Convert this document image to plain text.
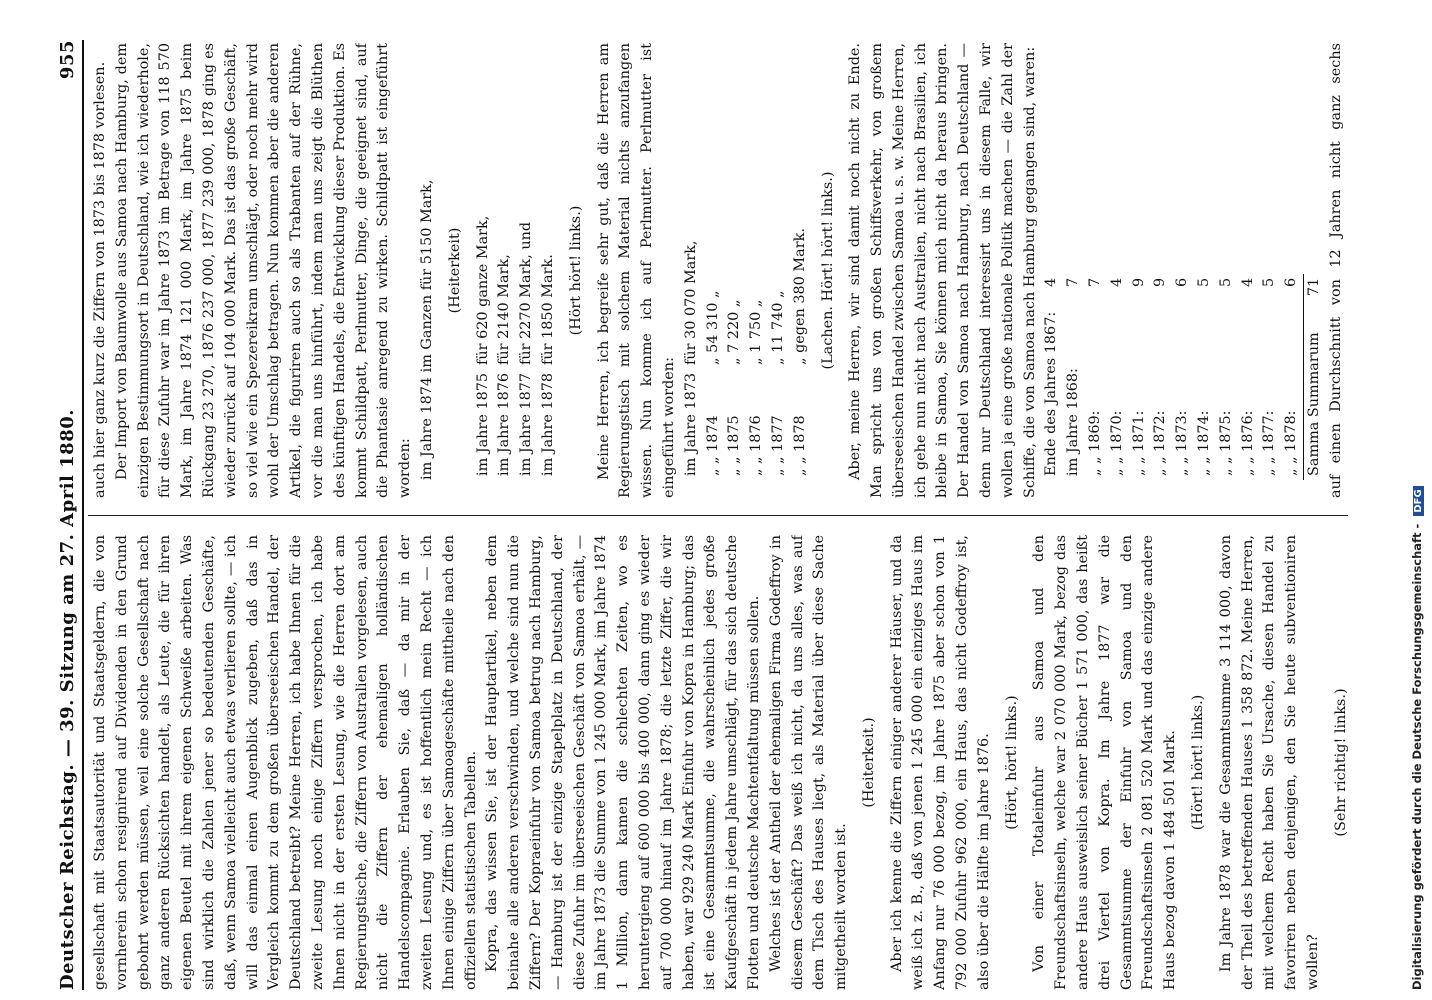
Deutscher Reichstag. — 39. Sitzung am 27. April 1880.
955

gesellschaft mit Staatsautorität und Staatsgeldern, die von vornherein schon resignirend auf Dividenden in den Grund gebohrt werden müssen, weil eine solche Gesellschaft nach ganz anderen Rücksichten handelt, als Leute, die für ihren eigenen Beutel mit ihrem eigenen Schweiße arbeiten. Was sind wirklich die Zahlen jener so bedeutenden Geschäfte, daß, wenn Samoa vielleicht auch etwas verlieren sollte, — ich will das einmal einen Augenblick zugeben, daß das in Vergleich kommt zu dem großen überseeischen Handel, der Deutschland betreibt? Meine Herren, ich habe Ihnen für die zweite Lesung noch einige Ziffern versprochen, ich habe Ihnen nicht in der ersten Lesung, wie die Herren dort am Regierungstische, die Ziffern von Australien vorgelesen, auch nicht die Ziffern der ehemaligen holländischen Handelscompagnie. Erlauben Sie, daß — da mir in der zweiten Lesung und, es ist hoffentlich mein Recht — ich Ihnen einige Ziffern über Samoageschäfte mittheile nach den offiziellen statistischen Tabellen. Kopra, das wissen Sie, ist der Hauptartikel, neben dem beinahe alle anderen verschwinden, und welche sind nun die Ziffern? Der Kopraeinfuhr von Samoa betrug nach Hamburg, — Hamburg ist der einzige Stapelplatz in Deutschland, der diese Zufuhr im überseeischen Geschäft von Samoa erhält, — im Jahre 1873 die Summe von 1 245 000 Mark, im Jahre 1874 1 Million, dann kamen die schlechten Zeiten, wo es heruntergieng auf 600 000 bis 400 000, dann ging es wieder auf 700 000 hinauf im Jahre 1878; die letzte Ziffer, die wir haben, war 929 240 Mark Einfuhr von Kopra in Hamburg; das ist eine Gesammtsumme, die wahrscheinlich jedes große Kaufgeschäft in jedem Jahre umschlägt, für das sich deutsche Flotten und deutsche Machtentfaltung müssen sollen. Welches ist der Antheil der ehemaligen Firma Godeffroy in diesem Geschäft? Das weiß ich nicht, da uns alles, was auf dem Tisch des Hauses liegt, als Material über diese Sache mitgetheilt worden ist.

(Heiterkeit.) Aber ich kenne die Ziffern einiger anderer Häuser, und da weiß ich z. B., daß von jenen 1 245 000 ein einziges Haus im Anfang nur 76 000 bezog, im Jahre 1875 aber schon von 1 792 000 Zufuhr 962 000, ein Haus, das nicht Godeffroy ist, also über die Hälfte im Jahre 1876. (Hört, hört! links.) Von einer Totaleinfuhr aus Samoa und den Freundschaftsinseln, welche war 2 070 000 Mark, bezog das andere Haus ausweislich seiner Bücher 1 571 000, das heißt drei Viertel von Kopra. Im Jahre 1877 war die Gesammtsumme der Einfuhr von Samoa und den Freundschaftsinseln 2 081 520 Mark und das einzige andere Haus bezog davon 1 484 501 Mark. (Hört! hört! links.) Im Jahre 1878 war die Gesammtsumme 3 114 000, davon der Theil des betreffenden Hauses 1 358 872. Meine Herren, mit welchem Recht haben Sie Ursache, diesen Handel zu favoriren neben denjenigen, den Sie heute subventioniren wollen?

(Sehr richtig! links.)

auch hier ganz kurz die Ziffern von 1873 bis 1878 vorlesen. Der Import von Baumwolle aus Samoa nach Hamburg, dem einzigen Bestimmungsort in Deutschland, wie ich wiederhole, für diese Zufuhr war im Jahre 1873 im Betrage von 118 570 Mark, im Jahre 1874 121 000 Mark, im Jahre 1875 beim Rückgang 23 270, 1876 237 000, 1877 239 000, 1878 ging es wieder zurück auf 104 000 Mark. Das ist das große Geschäft, so viel wie ein Spezereikram umschlägt, oder noch mehr wird wohl der Umschlag betragen. Nun kommen aber die anderen Artikel, die figuriren auch so als Trabanten auf der Rühne, vor die man uns hinführt, indem man uns zeigt die Blüthen des künftigen Handels, die Entwicklung dieser Produktion. Es kommt Schildpatt, Perlmutter, Dinge, die geeignet sind, auf die Phantasie anregend zu wirken. Schildpatt ist eingeführt worden: im Jahre 1874 im Ganzen für 5150 Mark, (Heiterkeit)

im Jahre 1875	für 620 ganze Mark,
im Jahre 1876	für 2140 Mark,
im Jahre 1877	für 2270 Mark, und
im Jahre 1878	für 1850 Mark. (Hört hört! links.) Meine Herren, ich begreife sehr gut, daß die Herren am Regierungstisch mit solchem Material nichts anzufangen wissen. Nun komme ich auf Perlmutter. Perlmutter ist eingeführt worden: im Jahre 1873	für 30 070 Mark,
„ „ 1874	„ 54 310 „
„ „ 1875	„ 7 220 „
„ „ 1876	„ 1 750 „
„ „ 1877	„ 11 740 „
„ „ 1878	„ gegen 380 Mark. (Lachen. Hört! hört! links.) Aber, meine Herren, wir sind damit noch nicht zu Ende. Man spricht uns von großen Schiffsverkehr, von großem überseeischen Handel zwischen Samoa u. s. w. Meine Herren, ich gehe nun nicht nach Australien, nicht nach Brasilien, ich bleibe in Samoa, Sie können mich nicht da heraus bringen. Der Handel von Samoa nach Hamburg, nach Deutschland — denn nur Deutschland interessirt uns in diesem Falle, wir wollen ja eine große nationale Politik machen — die Zahl der Schiffe, die von Samoa nach Hamburg gegangen sind, waren: Ende des Jahres 1867:	4
im Jahre 1868:	7
„ „ 1869:	7
„ „ 1870:	4
„ „ 1871:	9
„ „ 1872:	9
„ „ 1873:	6
„ „ 1874:	5
„ „ 1875:	5
„ „ 1876:	4
„ „ 1877:	5
„ „ 1878:	6
Samma Summarum	71

auf einen Durchschnitt von 12 Jahren nicht ganz sechs

Digitalisierung gefördert durch die Deutsche Forschungsgemeinschaft - DFG
